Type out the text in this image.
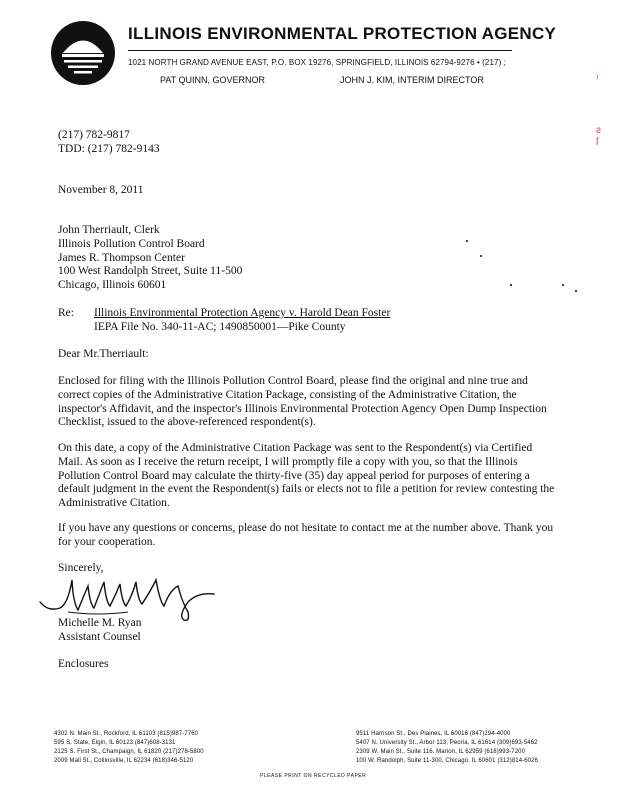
ILLINOIS ENVIRONMENTAL PROTECTION AGENCY
1021 NORTH GRAND AVENUE EAST, P.O. BOX 19276, SPRINGFIELD, ILLINOIS 62794-9276 • (217) ;
PAT QUINN, GOVERNOR	JOHN J. KIM, INTERIM DIRECTOR	⁾
ƨ
ɼ
(217) 782-9817
TDD: (217) 782-9143
November 8, 2011
John Therriault, Clerk
Illinois Pollution Control Board
James R. Thompson Center
100 West Randolph Street, Suite 11-500
Chicago, Illinois 60601
Re: Illinois Environmental Protection Agency v. Harold Dean Foster
IEPA File No. 340-11-AC; 1490850001—Pike County
Dear Mr.Therriault:
Enclosed for filing with the Illinois Pollution Control Board, please find the original and nine true and correct copies of the Administrative Citation Package, consisting of the Administrative Citation, the inspector's Affidavit, and the inspector's Illinois Environmental Protection Agency Open Dump Inspection Checklist, issued to the above-referenced respondent(s).
On this date, a copy of the Administrative Citation Package was sent to the Respondent(s) via Certified Mail. As soon as I receive the return receipt, I will promptly file a copy with you, so that the Illinois Pollution Control Board may calculate the thirty-five (35) day appeal period for purposes of entering a default judgment in the event the Respondent(s) fails or elects not to file a petition for review contesting the Administrative Citation.
If you have any questions or concerns, please do not hesitate to contact me at the number above. Thank you for your cooperation.
Sincerely,
Michelle M. Ryan
Assistant Counsel
Enclosures
4302 N. Main St., Rockford, IL 61103 (815)987-7760
595 S. State, Elgin, IL 60123 (847)608-3131
2125 S. First St., Champaign, IL 61820 (217)278-5800
2009 Mall St., Collinsville, IL 62234 (618)346-5120
9511 Harrison St., Des Plaines, IL 60016 (847)294-4000
5407 N. University St., Arbor 113, Peoria, IL 61614 (309)693-5462
2309 W. Main St., Suite 116, Marion, IL 62959 (618)993-7200
100 W. Randolph, Suite 11-300, Chicago, IL 60601 (312)814-6026
PLEASE PRINT ON RECYCLED PAPER
